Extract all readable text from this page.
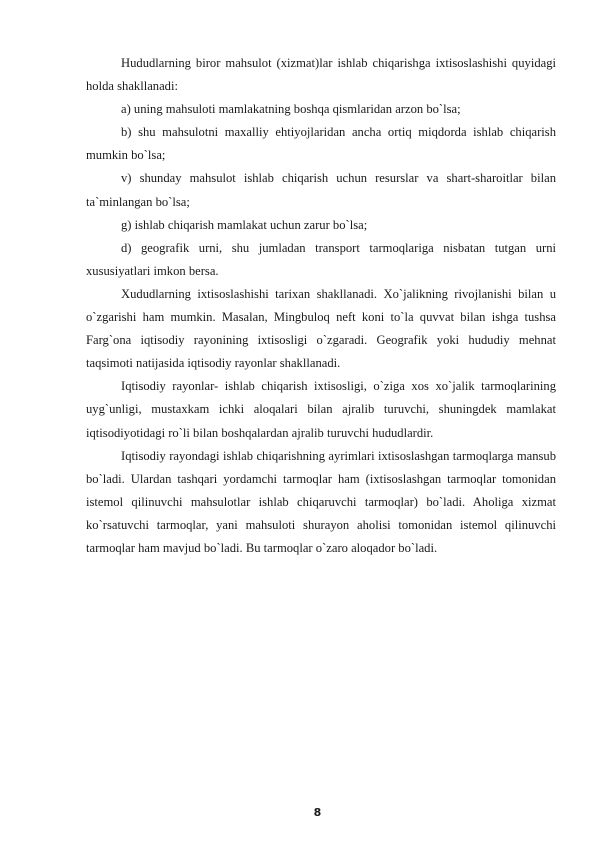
Hududlarning biror mahsulot (xizmat)lar ishlab chiqarishga ixtisoslashishi quyidagi holda shakllanadi:

a) uning mahsuloti mamlakatning boshqa qismlaridan arzon bo`lsa;

b) shu mahsulotni maxalliy ehtiyojlaridan ancha ortiq miqdorda ishlab chiqarish mumkin bo`lsa;

v) shunday mahsulot ishlab chiqarish uchun resurslar va shart-sharoitlar bilan ta`minlangan bo`lsa;

g) ishlab chiqarish mamlakat uchun zarur bo`lsa;

d) geografik urni, shu jumladan transport tarmoqlariga nisbatan tutgan urni xususiyatlari imkon bersa.

Xududlarning ixtisoslashishi tarixan shakllanadi. Xo`jalikning rivojlanishi bilan u o`zgarishi ham mumkin. Masalan, Mingbuloq neft koni to`la quvvat bilan ishga tushsa Farg`ona iqtisodiy rayonining ixtisosligi o`zgaradi. Geografik yoki hududiy mehnat taqsimoti natijasida iqtisodiy rayonlar shakllanadi.

Iqtisodiy rayonlar- ishlab chiqarish ixtisosligi, o`ziga xos xo`jalik tarmoqlarining uyg`unligi, mustaxkam ichki aloqalari bilan ajralib turuvchi, shuningdek mamlakat iqtisodiyotidagi ro`li bilan boshqalardan ajralib turuvchi hududlardir.

Iqtisodiy rayondagi ishlab chiqarishning ayrimlari ixtisoslashgan tarmoqlarga mansub bo`ladi. Ulardan tashqari yordamchi tarmoqlar ham (ixtisoslashgan tarmoqlar tomonidan istemol qilinuvchi mahsulotlar ishlab chiqaruvchi tarmoqlar) bo`ladi. Aholiga xizmat ko`rsatuvchi tarmoqlar, yani mahsuloti shurayon aholisi tomonidan istemol qilinuvchi tarmoqlar ham mavjud bo`ladi. Bu tarmoqlar o`zaro aloqador bo`ladi.

8
